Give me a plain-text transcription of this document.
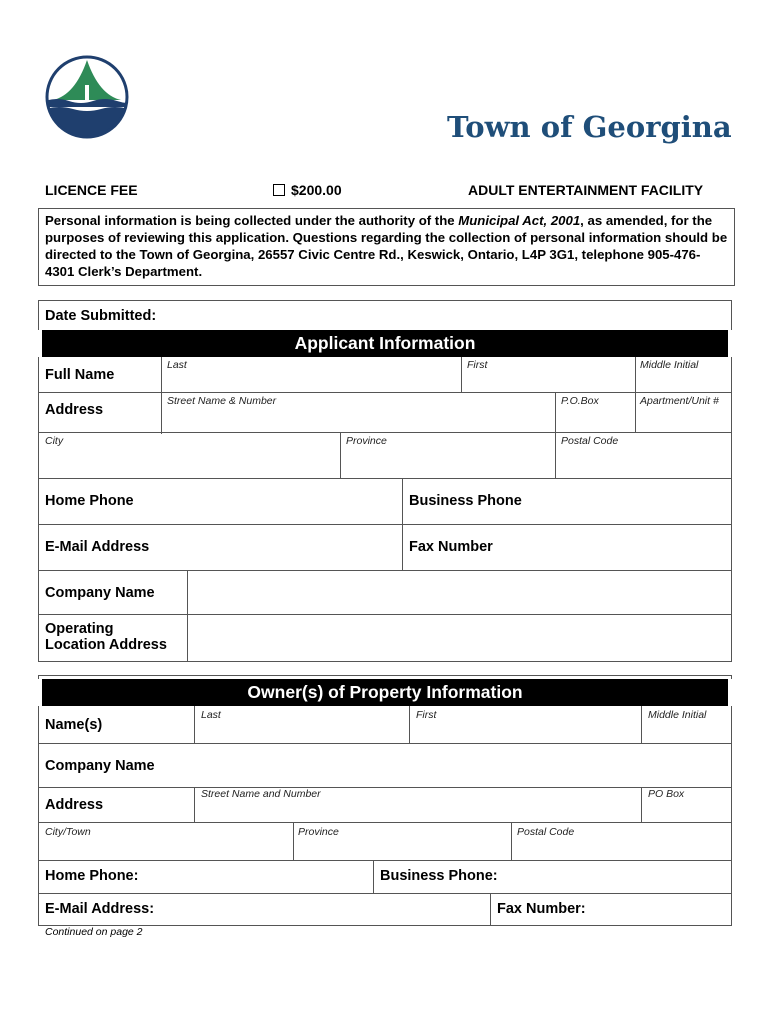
Town of Georgina
LICENCE FEE	$200.00	ADULT ENTERTAINMENT FACILITY
Personal information is being collected under the authority of the Municipal Act, 2001, as amended, for the purposes of reviewing this application. Questions regarding the collection of personal information should be directed to the Town of Georgina, 26557 Civic Centre Rd., Keswick, Ontario, L4P 3G1, telephone 905-476-4301 Clerk’s Department.
Date Submitted:
Applicant Information
Full Name
Last	First	Middle Initial
Address
Street Name & Number	P.O.Box	Apartment/Unit #
City	Province	Postal Code
Home Phone	Business Phone
E-Mail Address	Fax Number
Company Name
Operating
Location Address
Owner(s) of Property Information
Name(s)
Last	First	Middle Initial
Company Name
Address
Street Name and Number	PO Box
City/Town	Province	Postal Code
Home Phone:	Business Phone:
E-Mail Address:	Fax Number:
Continued on page 2
